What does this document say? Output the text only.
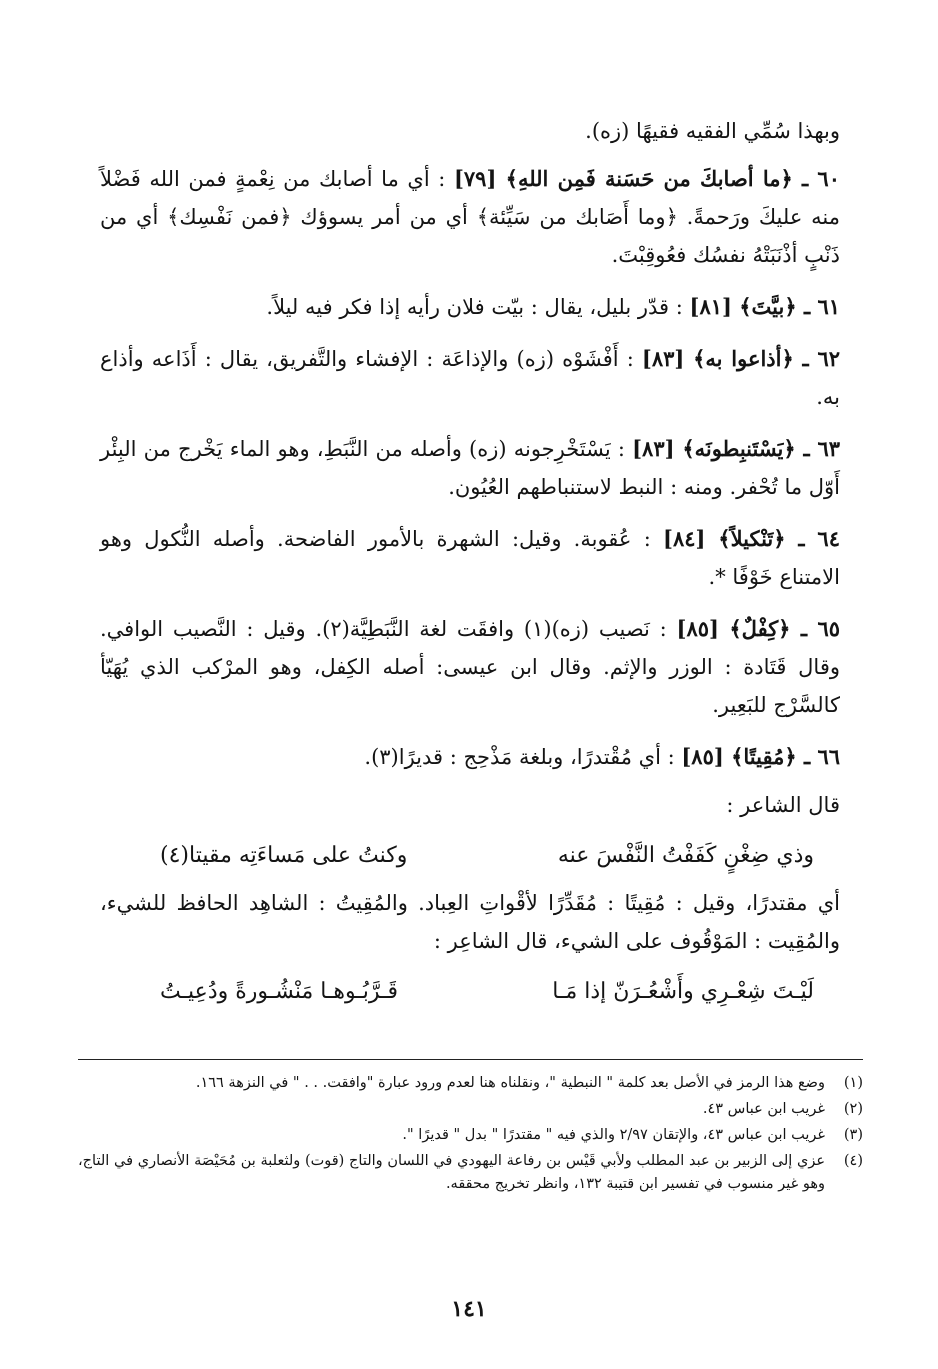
وبهذا سُمِّي الفقيه فقيهًا (زه).

٦٠ ـ ﴿ما أصابكَ من حَسَنة فَمِن اللهِ﴾ [٧٩] : أي ما أصابك من نِعْمةٍ فمن الله فَضْلاً منه عليكَ ورَحمةً. ﴿وما أَصَابك من سَيِّئة﴾ أي من أمر يسوؤك ﴿فمن نَفْسِك﴾ أي من ذَنْبٍ أذْنَبَتْهُ نفسُك فعُوقِبْتَ.

٦١ ـ ﴿بيَّتَ﴾ [٨١] : قدّر بليل، يقال : بيّت فلان رأيه إذا فكر فيه ليلاً.

٦٢ ـ ﴿أذاعوا به﴾ [٨٣] : أَفْشَوْه (زه) والإذاعَة : الإفشاء والتَّفريق، يقال : أَذَاعه وأذاع به.

٦٣ ـ ﴿يَسْتَنبِطونَه﴾ [٨٣] : يَسْتَخْرِجونه (زه) وأصله من النَّبَطِ، وهو الماء يَخْرج من البِئْر أَوّل ما تُحْفر. ومنه : النبط لاستنباطهم العُيُون.

٦٤ ـ ﴿تَنْكيلاً﴾ [٨٤] : عُقوبة. وقيل: الشهرة بالأمور الفاضحة. وأصله النُّكول وهو الامتناع خَوْفًا *.

٦٥ ـ ﴿كِفْلٌ﴾ [٨٥] : نَصيب (زه)(١) وافقَت لغة النَّبَطِيَّة(٢). وقيل : النَّصيب الوافي. وقال قَتَادة : الوزر والإثم. وقال ابن عيسى: أصله الكِفل، وهو المرْكب الذي يُهَيّأ كالسَّرْج للبَعِير.

٦٦ ـ ﴿مُقِيتًا﴾ [٨٥] : أي مُقْتدرًا، وبلغة مَذْحِج : قديرًا(٣).

قال الشاعر :

وذي ضِغْنٍ كَفَفْتُ النَّفْسَ عنه
وكنتُ على مَساءَتِه مقيتا(٤)

أي مقتدرًا، وقيل : مُقِيتًا : مُقَدِّرًا لأقْواتِ العِباد. والمُقِيتُ : الشاهِد الحافظ للشيء، والمُقِيت : المَوْقُوف على الشيء، قال الشاعِر :

لَيْـتَ شِعْـرِي وأَشْعُـرَنّ إذا مَـا
قَـرَّبُـوهـا مَنْشُـورةً ودُعِيـتُ
(١)
وضع هذا الرمز في الأصل بعد كلمة " النبطية "، ونقلناه هنا لعدم ورود عبارة "وافقت. . . " في النزهة ١٦٦.
(٢)
غريب ابن عباس ٤٣.
(٣)
غريب ابن عباس ٤٣، والإتقان ٢/٩٧ والذي فيه " مقتدرًا " بدل " قديرًا ".
(٤)
عزي إلى الزبير بن عبد المطلب ولأبي قَيْس بن رفاعة اليهودي في اللسان والتاج (قوت) ولثعلبة بن مُحَيْصَة الأنصاري في التاج، وهو غير منسوب في تفسير ابن قتيبة ١٣٢، وانظر تخريج محققه.
١٤١
